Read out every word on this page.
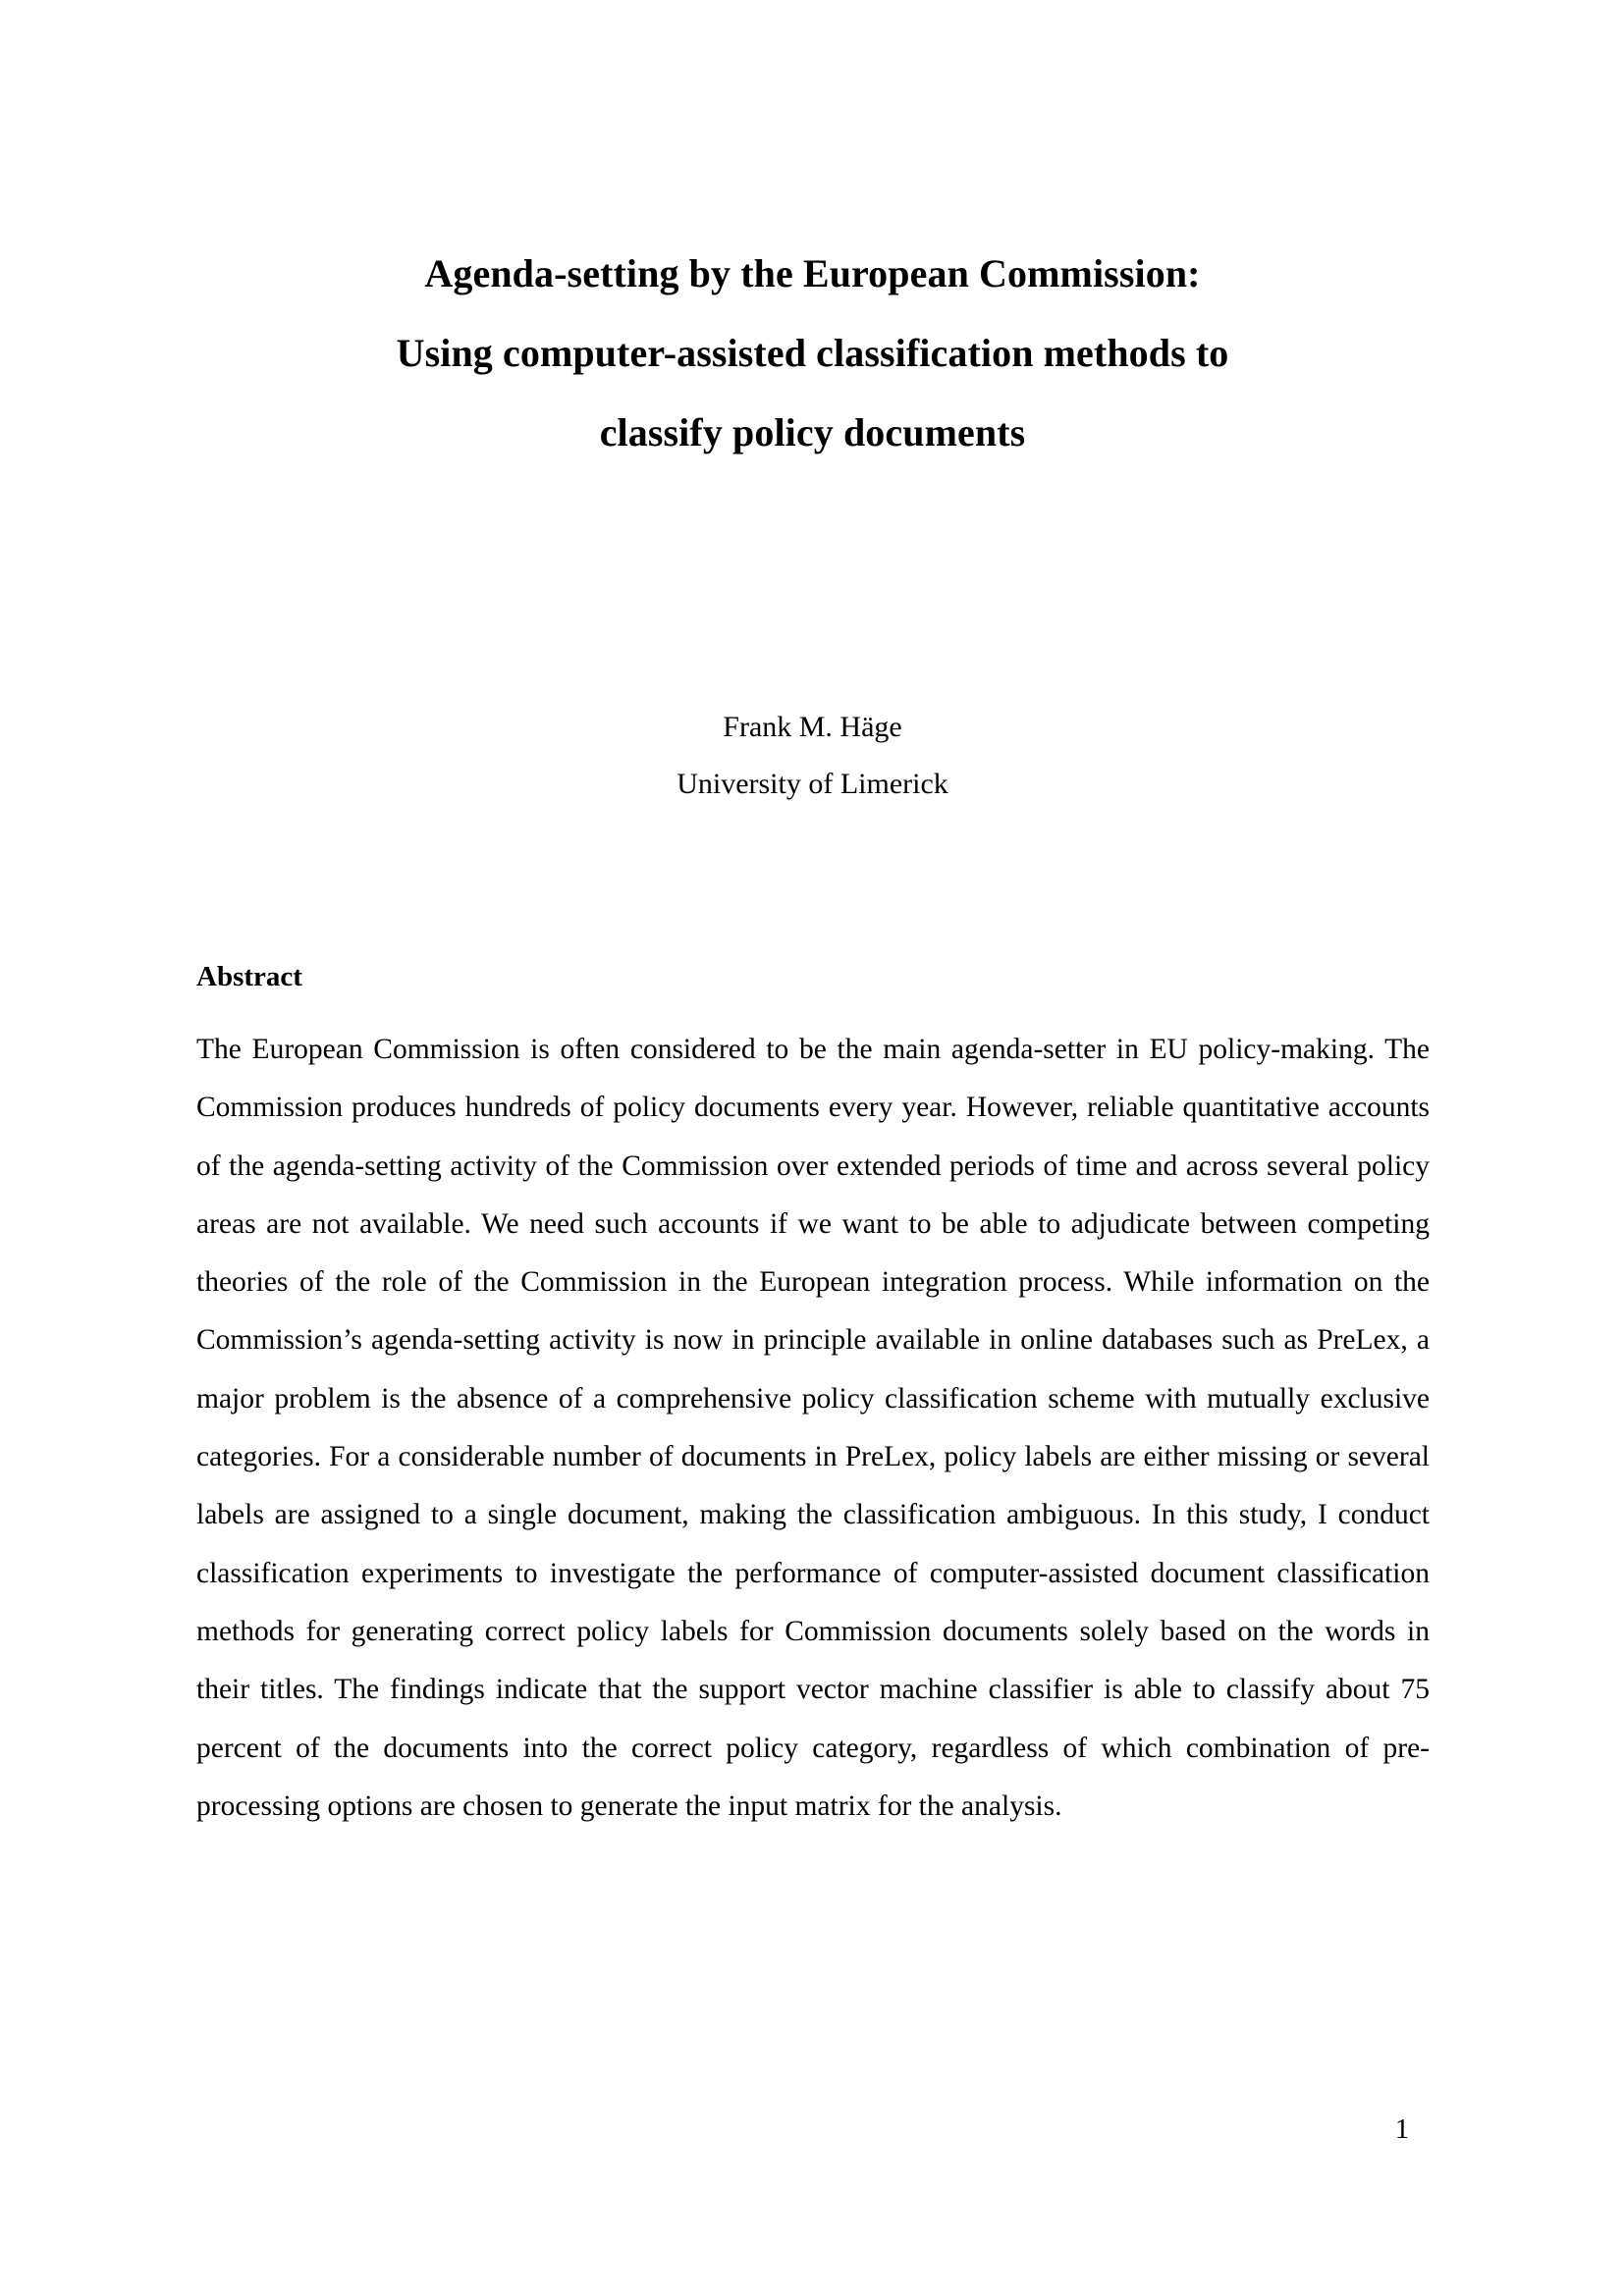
Agenda-setting by the European Commission:
Using computer-assisted classification methods to
classify policy documents
Frank M. Häge
University of Limerick
Abstract

The European Commission is often considered to be the main agenda-setter in EU policy-making. The Commission produces hundreds of policy documents every year. However, reliable quantitative accounts of the agenda-setting activity of the Commission over extended periods of time and across several policy areas are not available. We need such accounts if we want to be able to adjudicate between competing theories of the role of the Commission in the European integration process. While information on the Commission’s agenda-setting activity is now in principle available in online databases such as PreLex, a major problem is the absence of a comprehensive policy classification scheme with mutually exclusive categories. For a considerable number of documents in PreLex, policy labels are either missing or several labels are assigned to a single document, making the classification ambiguous. In this study, I conduct classification experiments to investigate the performance of computer-assisted document classification methods for generating correct policy labels for Commission documents solely based on the words in their titles. The findings indicate that the support vector machine classifier is able to classify about 75 percent of the documents into the correct policy category, regardless of which combination of pre-processing options are chosen to generate the input matrix for the analysis.

1
